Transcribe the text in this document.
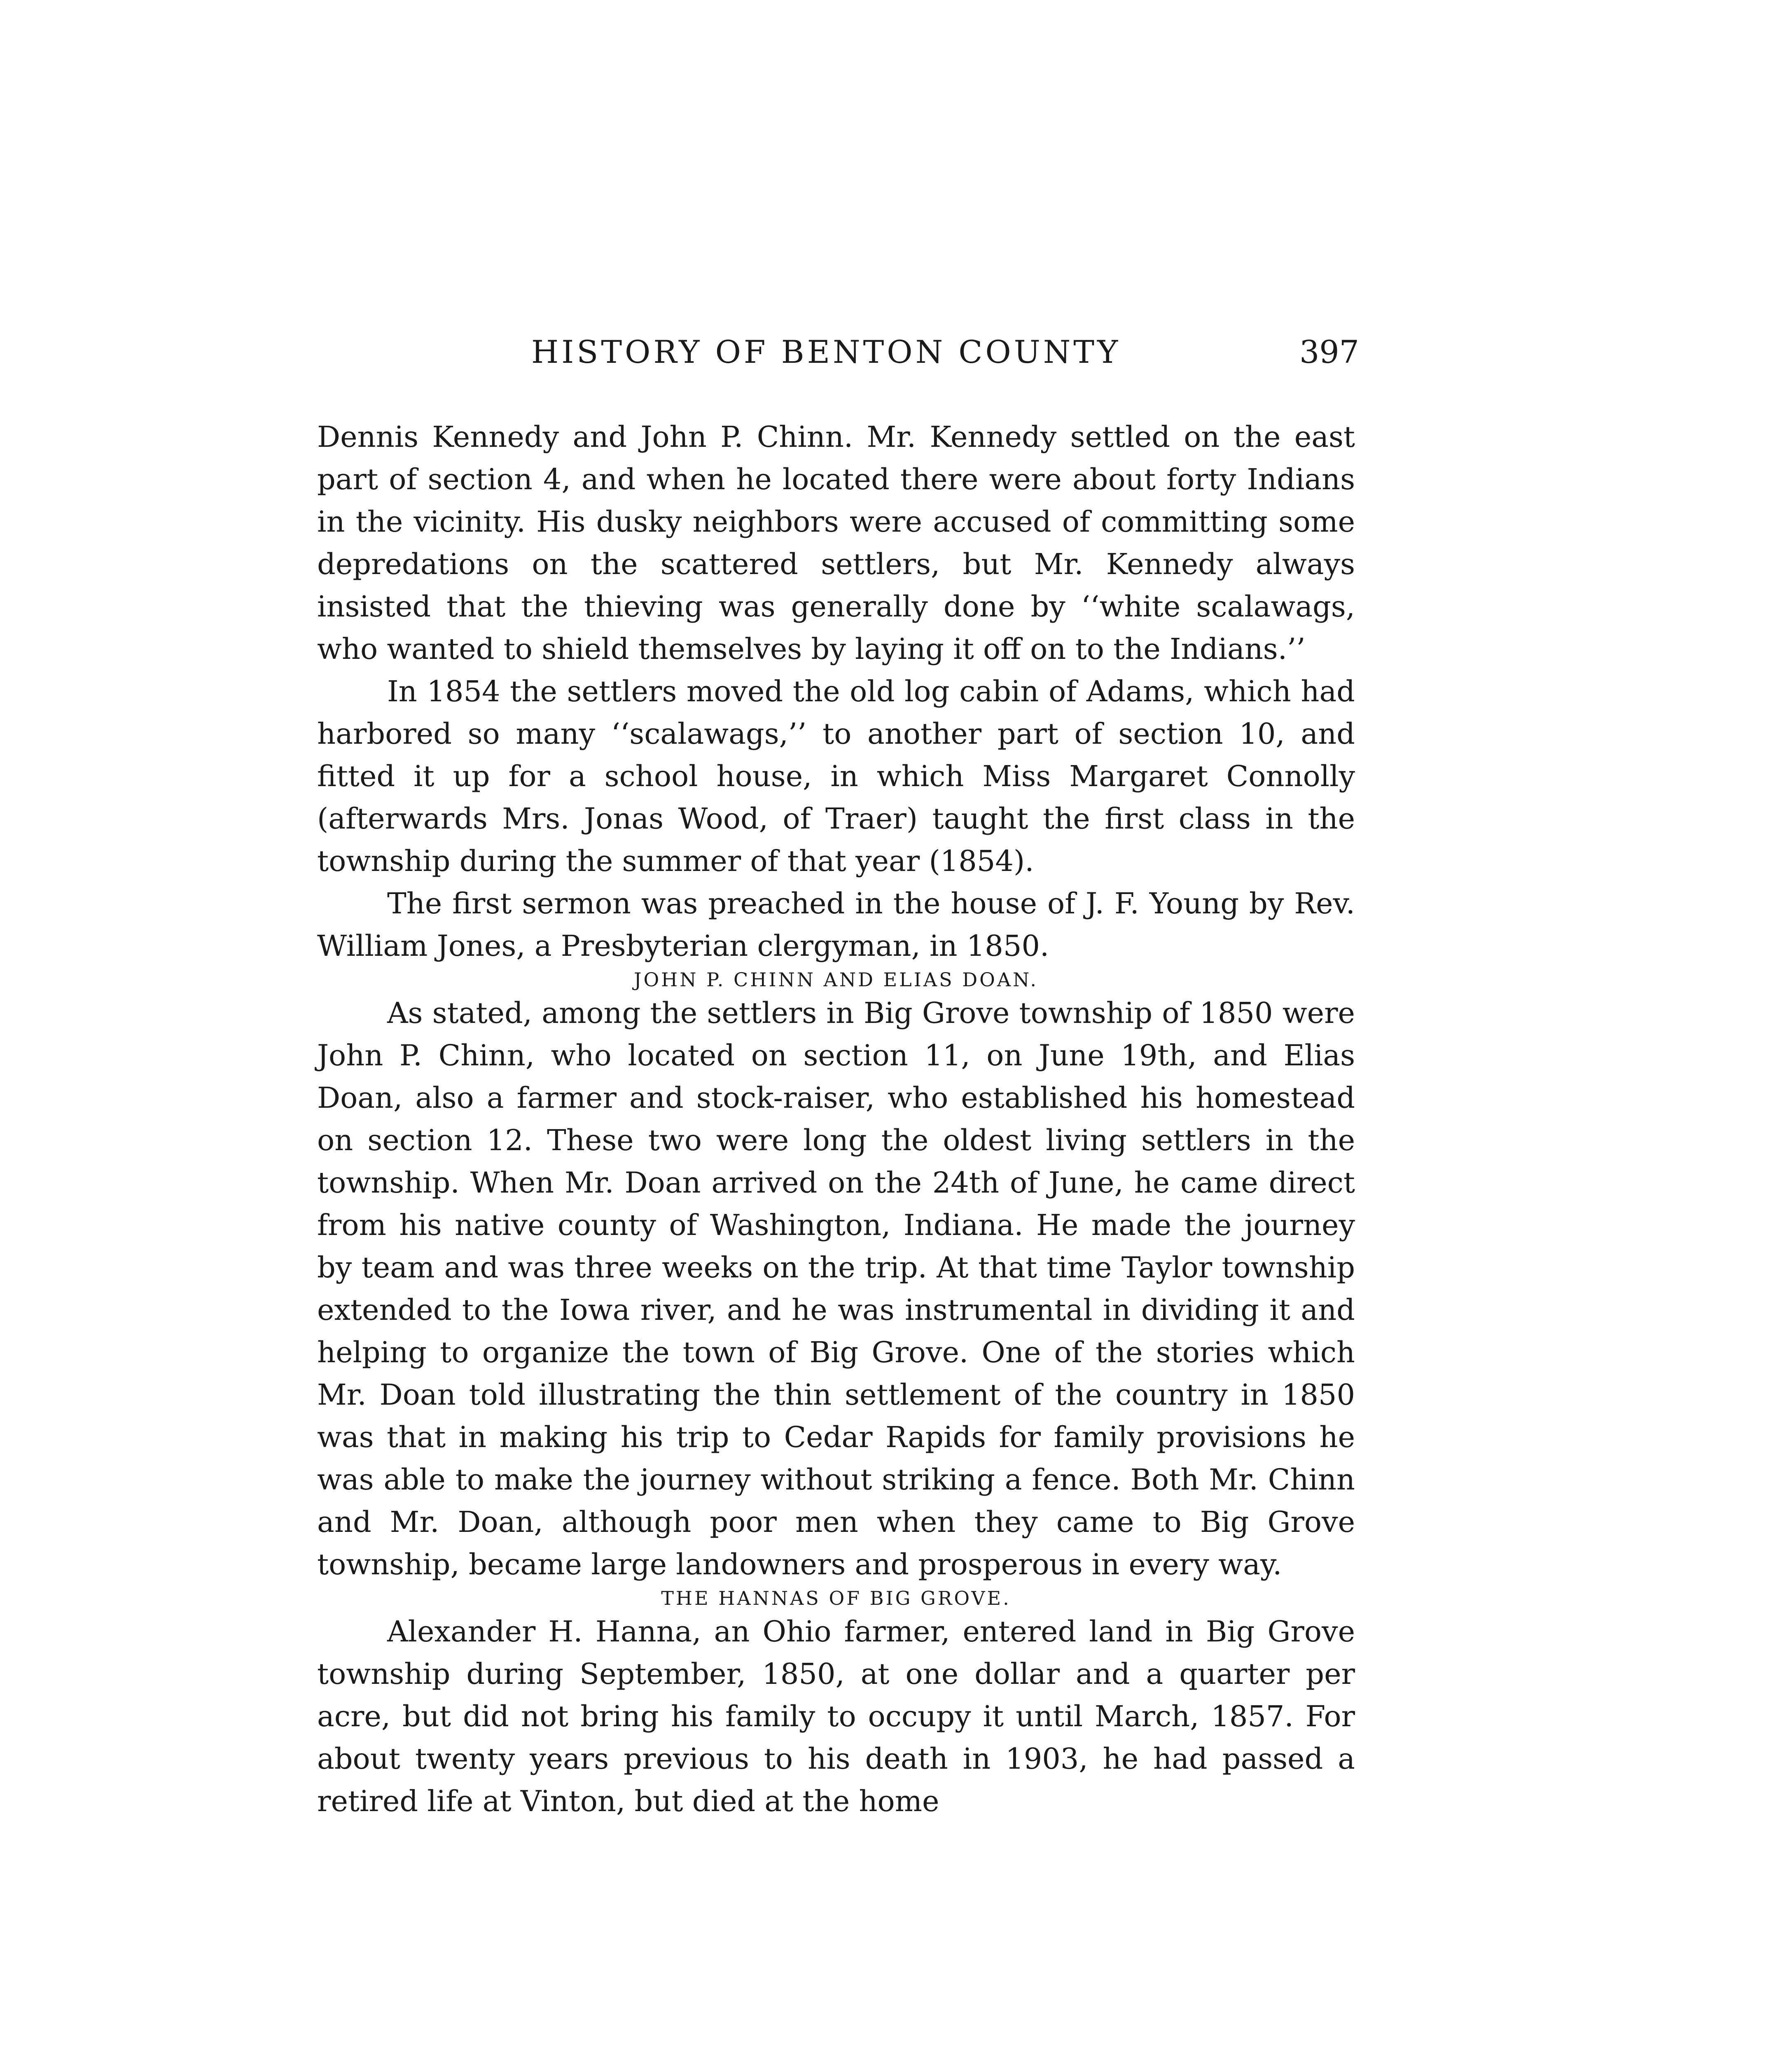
HISTORY OF BENTON COUNTY	397

Dennis Kennedy and John P. Chinn. Mr. Kennedy settled on the east part of section 4, and when he located there were about forty Indians in the vicinity. His dusky neighbors were accused of committing some depredations on the scattered settlers, but Mr. Kennedy always insisted that the thieving was generally done by ‘‘white scalawags, who wanted to shield themselves by laying it off on to the Indians.’’

In 1854 the settlers moved the old log cabin of Adams, which had harbored so many ‘‘scalawags,’’ to another part of section 10, and fitted it up for a school house, in which Miss Margaret Connolly (afterwards Mrs. Jonas Wood, of Traer) taught the first class in the township during the summer of that year (1854).

The first sermon was preached in the house of J. F. Young by Rev. William Jones, a Presbyterian clergyman, in 1850.

JOHN P. CHINN AND ELIAS DOAN.

As stated, among the settlers in Big Grove township of 1850 were John P. Chinn, who located on section 11, on June 19th, and Elias Doan, also a farmer and stock-raiser, who established his homestead on section 12. These two were long the oldest living settlers in the township. When Mr. Doan arrived on the 24th of June, he came direct from his native county of Washington, Indiana. He made the journey by team and was three weeks on the trip. At that time Taylor township extended to the Iowa river, and he was instrumental in dividing it and helping to organize the town of Big Grove. One of the stories which Mr. Doan told illustrating the thin settlement of the country in 1850 was that in making his trip to Cedar Rapids for family provisions he was able to make the journey without striking a fence. Both Mr. Chinn and Mr. Doan, although poor men when they came to Big Grove township, became large landowners and prosperous in every way.

THE HANNAS OF BIG GROVE.

Alexander H. Hanna, an Ohio farmer, entered land in Big Grove township during September, 1850, at one dollar and a quarter per acre, but did not bring his family to occupy it until March, 1857. For about twenty years previous to his death in 1903, he had passed a retired life at Vinton, but died at the home
